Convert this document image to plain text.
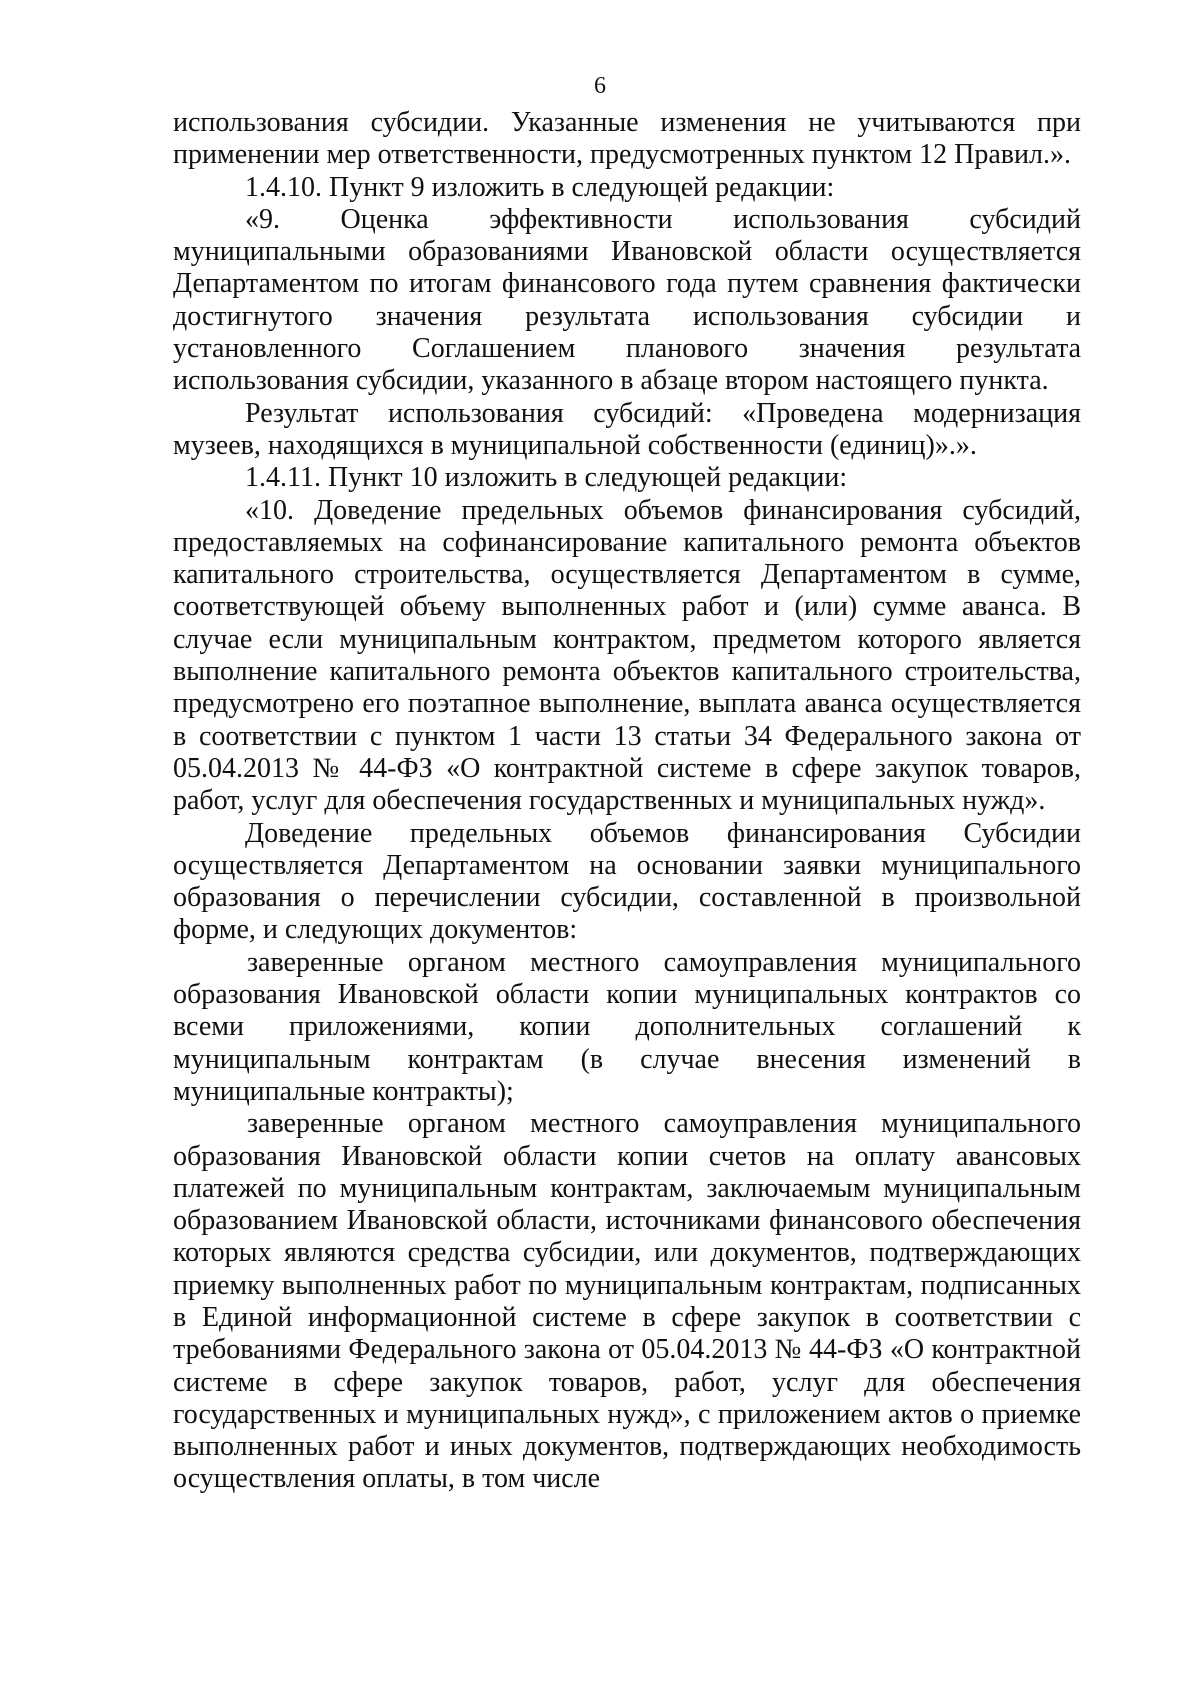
6

использования субсидии. Указанные изменения не учитываются при применении мер ответственности, предусмотренных пунктом 12 Правил.».

1.4.10. Пункт 9 изложить в следующей редакции:

«9. Оценка эффективности использования субсидий муниципальными образованиями Ивановской области осуществляется Департаментом по итогам финансового года путем сравнения фактически достигнутого значения результата использования субсидии и установленного Соглашением планового значения результата использования субсидии, указанного в абзаце втором настоящего пункта.

Результат использования субсидий: «Проведена модернизация музеев, находящихся в муниципальной собственности (единиц)».».

1.4.11. Пункт 10 изложить в следующей редакции:

«10. Доведение предельных объемов финансирования субсидий, предоставляемых на софинансирование капитального ремонта объектов капитального строительства, осуществляется Департаментом в сумме, соответствующей объему выполненных работ и (или) сумме аванса. В случае если муниципальным контрактом, предметом которого является выполнение капитального ремонта объектов капитального строительства, предусмотрено его поэтапное выполнение, выплата аванса осуществляется в соответствии с пунктом 1 части 13 статьи 34 Федерального закона от 05.04.2013 № 44-ФЗ «О контрактной системе в сфере закупок товаров, работ, услуг для обеспечения государственных и муниципальных нужд».

Доведение предельных объемов финансирования Субсидии осуществляется Департаментом на основании заявки муниципального образования о перечислении субсидии, составленной в произвольной форме, и следующих документов:

заверенные органом местного самоуправления муниципального образования Ивановской области копии муниципальных контрактов со всеми приложениями, копии дополнительных соглашений к муниципальным контрактам (в случае внесения изменений в муниципальные контракты);

заверенные органом местного самоуправления муниципального образования Ивановской области копии счетов на оплату авансовых платежей по муниципальным контрактам, заключаемым муниципальным образованием Ивановской области, источниками финансового обеспечения которых являются средства субсидии, или документов, подтверждающих приемку выполненных работ по муниципальным контрактам, подписанных в Единой информационной системе в сфере закупок в соответствии с требованиями Федерального закона от 05.04.2013 № 44-ФЗ «О контрактной системе в сфере закупок товаров, работ, услуг для обеспечения государственных и муниципальных нужд», с приложением актов о приемке выполненных работ и иных документов, подтверждающих необходимость осуществления оплаты, в том числе
